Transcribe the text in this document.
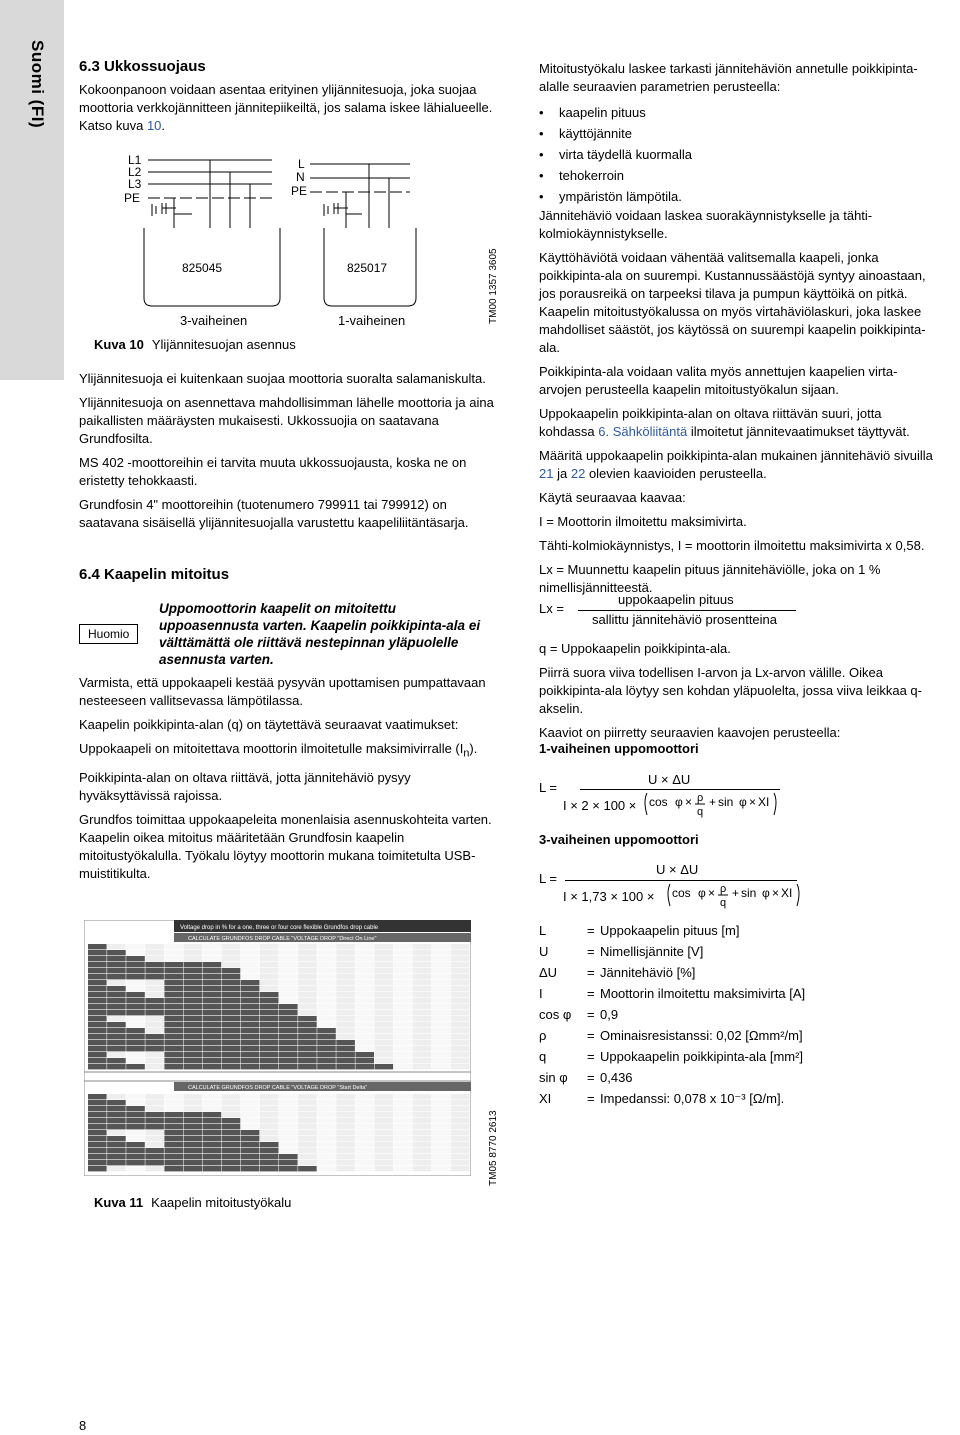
Suomi (FI) 6.3 Ukkossuojaus

Kokoonpanoon voidaan asentaa erityinen ylijännitesuoja, joka suojaa moottoria verkkojännitteen jännitepiikeiltä, jos salama iskee lähialueelle. Katso kuva 10.

L1
L2
L3
PE
825045
L
N
PE
825017
3-vaiheinen	1-vaiheinen	TM00 1357 3605
Kuva 10 Ylijännitesuojan asennus

Ylijännitesuoja ei kuitenkaan suojaa moottoria suoralta salamaniskulta.

Ylijännitesuoja on asennettava mahdollisimman lähelle moottoria ja aina paikallisten määräysten mukaisesti. Ukkossuojia on saatavana Grundfosilta.

MS 402 -moottoreihin ei tarvita muuta ukkossuojausta, koska ne on eristetty tehokkaasti.

Grundfosin 4" moottoreihin (tuotenumero 799911 tai 799912) on saatavana sisäisellä ylijännitesuojalla varustettu kaapeliliitäntäsarja.

6.4 Kaapelin mitoitus
Huomio
Uppomoottorin kaapelit on mitoitettu uppoasennusta varten. Kaapelin poikkipinta-ala ei välttämättä ole riittävä nestepinnan yläpuolelle asennusta varten.

Varmista, että uppokaapeli kestää pysyvän upottamisen pumpattavaan nesteeseen vallitsevassa lämpötilassa.

Kaapelin poikkipinta-alan (q) on täytettävä seuraavat vaatimukset:

Uppokaapeli on mitoitettava moottorin ilmoitetulle maksimivirralle $(I_n)$.

Poikkipinta-alan on oltava riittävä, jotta jännitehäviö pysyy hyväksyttävissä rajoissa.

Grundfos toimittaa uppokaapeleita monenlaisia asennuskohteita varten. Kaapelin oikea mitoitus määritetään Grundfosin kaapelin mitoitustyökalulla. Työkalu löytyy moottorin mukana toimitetulta USB-muistitikulta.

Voltage drop in % for a one, three or four core flexible Grundfos drop cable
CALCULATE GRUNDFOS DROP CABLE "VOLTAGE DROP "Direct On Line"
CALCULATE GRUNDFOS DROP CABLE "VOLTAGE DROP "Start Delta"
TM05 8770 2613
Kuva 11 Kaapelin mitoitustyökalu
8

Mitoitustyökalu laskee tarkasti jännitehäviön annetulle poikkipinta-alalle seuraavien parametrien perusteella:

• kaapelin pituus
• käyttöjännite
• virta täydellä kuormalla
• tehokerroin
• ympäristön lämpötila.

Jännitehäviö voidaan laskea suorakäynnistykselle ja tähti-kolmiokäynnistykselle.

Käyttöhäviötä voidaan vähentää valitsemalla kaapeli, jonka poikkipinta-ala on suurempi. Kustannussäästöjä syntyy ainoastaan, jos porausreikä on tarpeeksi tilava ja pumpun käyttöikä on pitkä. Kaapelin mitoitustyökalussa on myös virtahäviölaskuri, joka laskee mahdolliset säästöt, jos käytössä on suurempi kaapelin poikkipinta-ala.

Poikkipinta-ala voidaan valita myös annettujen kaapelien virta-arvojen perusteella kaapelin mitoitustyökalun sijaan.

Uppokaapelin poikkipinta-alan on oltava riittävän suuri, jotta kohdassa 6. Sähköliitäntä ilmoitetut jännitevaatimukset täyttyvät.

Määritä uppokaapelin poikkipinta-alan mukainen jännitehäviö sivuilla 21 ja 22 olevien kaavioiden perusteella.

Käytä seuraavaa kaavaa:

I = Moottorin ilmoitettu maksimivirta.

Tähti-kolmiokäynnistys, I = moottorin ilmoitettu maksimivirta x 0,58.

Lx = Muunnettu kaapelin pituus jännitehäviölle, joka on 1 % nimellisjännitteestä.

Lx =
uppokaapelin pituus
sallittu jännitehäviö prosentteina

q = Uppokaapelin poikkipinta-ala.

Piirrä suora viiva todellisen I-arvon ja Lx-arvon välille. Oikea poikkipinta-ala löytyy sen kohdan yläpuolelta, jossa viiva leikkaa q-akselin.

Kaaviot on piirretty seuraavien kaavojen perusteella:

1-vaiheinen uppomoottori
L =
U × ΔU
I × 2 × 100 × cos φ × ρ
q
+ sin φ × XI
3-vaiheinen uppomoottori
L =
U × ΔU
I × 1,73 × 100 × cos φ × ρ
q
+ sin φ × XI
L	= Uppokaapelin pituus [m]
U	= Nimellisjännite [V]
ΔU	= Jännitehäviö [%]
I	= Moottorin ilmoitettu maksimivirta [A]
cos φ	= 0,9
ρ	= Ominaisresistanssi: 0,02 [Ωmm²/m]
q	= Uppokaapelin poikkipinta-ala [mm²]
sin φ	= 0,436
XI	= Impedanssi: 0,078 x 10⁻³ [Ω/m].
